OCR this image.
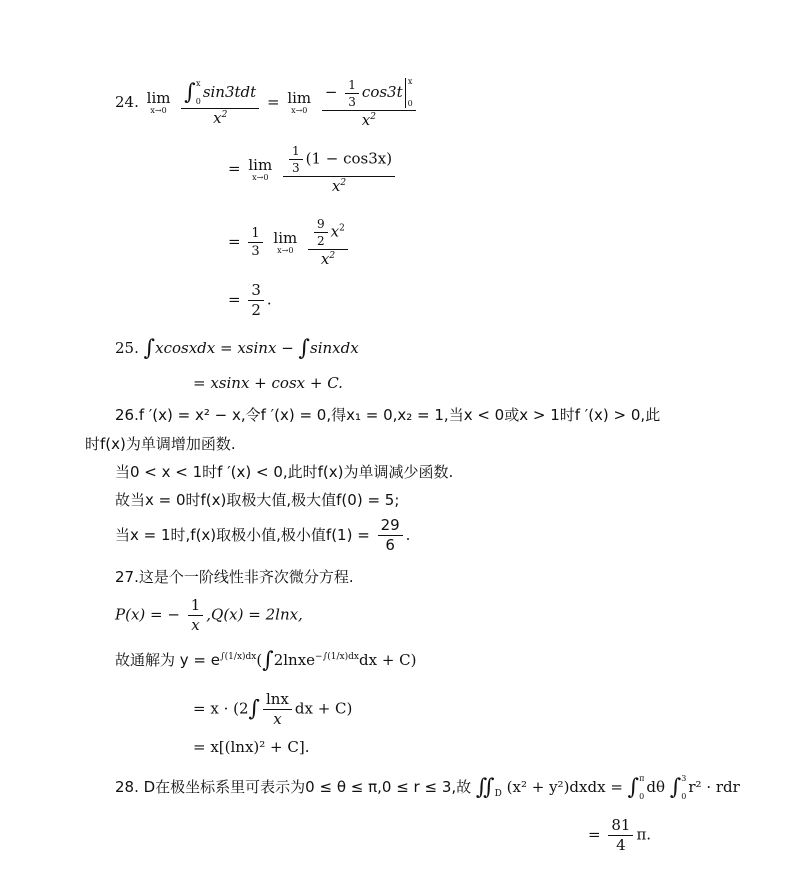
24. lim
x→0
∫ x
0
sin3tdt
$x^2 = \lim$
x→0
− $\frac{1}{3} \cos 3t$
x
0
$x^2$
= lim
x→0
$\frac{\frac{1}{3} (1 - \cos 3x)}{x^2}$
= $\frac{1}{3}$
lim
x→0
$\frac{\frac{9}{2} x^2}{x^2}$
= $\frac{3}{2}$ .
25. ∫xcosxdx = xsinx − ∫sinxdx
= xsinx + cosx + C.
26.f ′(x) = x² − x,令f ′(x) = 0,得x₁ = 0,x₂ = 1,当x < 0或x > 1时f ′(x) > 0,此
时f(x)为单调增加函数.
当0 < x < 1时f ′(x) < 0,此时f(x)为单调减少函数.
故当x = 0时f(x)取极大值,极大值f(0) = 5;
当x = 1时,f(x)取极小值,极小值$f(1) = \frac{29}{6}$ .
27.这是个一阶线性非齐次微分方程.
P(x) = − $\frac{1}{x} ,Q(x) = 2\ln x$,
故通解为 $y = e^{\int(1/x)dx}(\int 2lnxe^{-\int(1/x)dx}dx + C)$
= $x \cdot (2\int \frac{\ln x}{x}$ dx + C)
= x[(lnx)² + C].
28. D在极坐标系里可表示为0 ≤ θ ≤ π,0 ≤ r ≤ 3,故 $∬_D$ (x² + y²)dxdx = ∫ π
0
dθ ∫ 3
0
r² · rdr
= $\frac{81}{4} \pi$.
